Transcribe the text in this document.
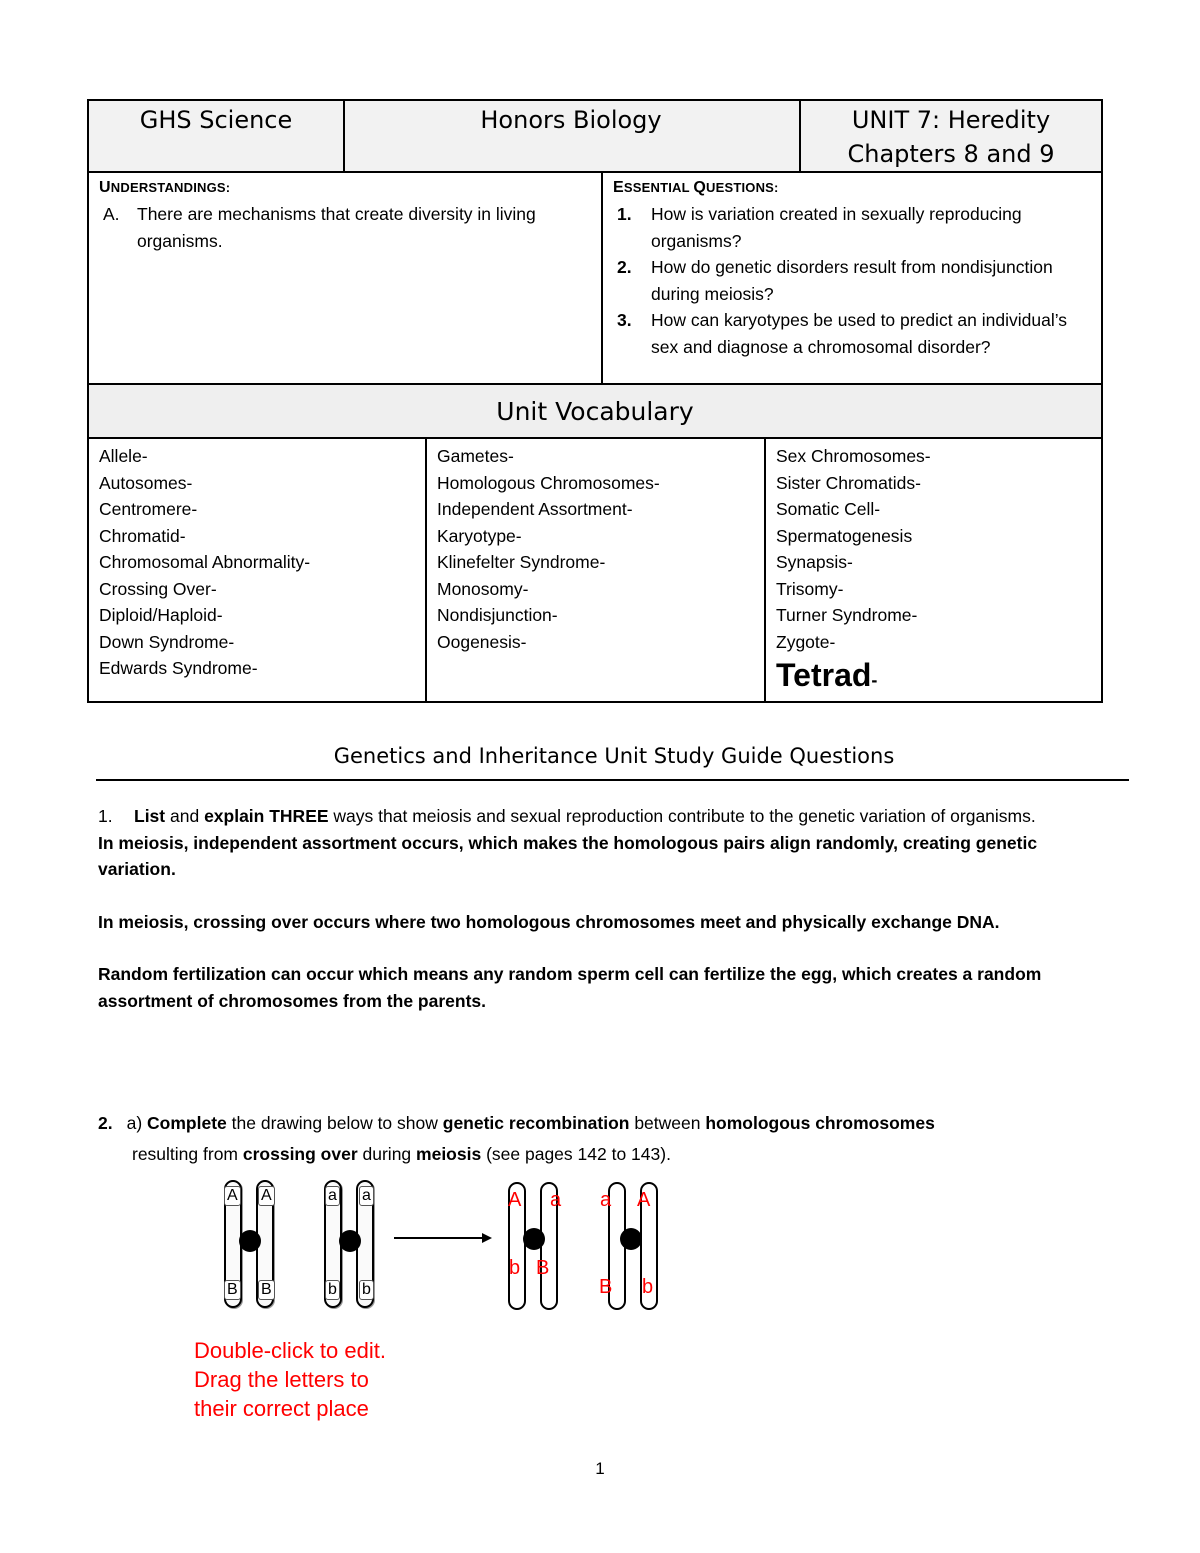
GHS Science	Honors Biology	UNIT 7: Heredity
Chapters 8 and 9
UNDERSTANDINGS:
A. There are mechanisms that create diversity in living organisms.
ESSENTIAL QUESTIONS:
1. How is variation created in sexually reproducing organisms?
2. How do genetic disorders result from nondisjunction during meiosis?
3. How can karyotypes be used to predict an individual’s sex and diagnose a chromosomal disorder?
Unit Vocabulary
Allele-
Autosomes-
Centromere-
Chromatid-
Chromosomal Abnormality-
Crossing Over-
Diploid/Haploid-
Down Syndrome-
Edwards Syndrome-
Gametes-
Homologous Chromosomes-
Independent Assortment-
Karyotype-
Klinefelter Syndrome-
Monosomy-
Nondisjunction-
Oogenesis-
Sex Chromosomes-
Sister Chromatids-
Somatic Cell-
Spermatogenesis
Synapsis-
Trisomy-
Turner Syndrome-
Zygote-
Tetrad-
Genetics and Inheritance Unit Study Guide Questions
1. List and explain THREE ways that meiosis and sexual reproduction contribute to the genetic variation of organisms.
In meiosis, independent assortment occurs, which makes the homologous pairs align randomly, creating genetic variation.
In meiosis, crossing over occurs where two homologous chromosomes meet and physically exchange DNA.
Random fertilization can occur which means any random sperm cell can fertilize the egg, which creates a random assortment of chromosomes from the parents.
2. a) Complete the drawing below to show genetic recombination between homologous chromosomes
resulting from crossing over during meiosis (see pages 142 to 143).
A A
B B
a a
b b
A a
b B
a A
B b
Double-click to edit.
Drag the letters to
their correct place
1
